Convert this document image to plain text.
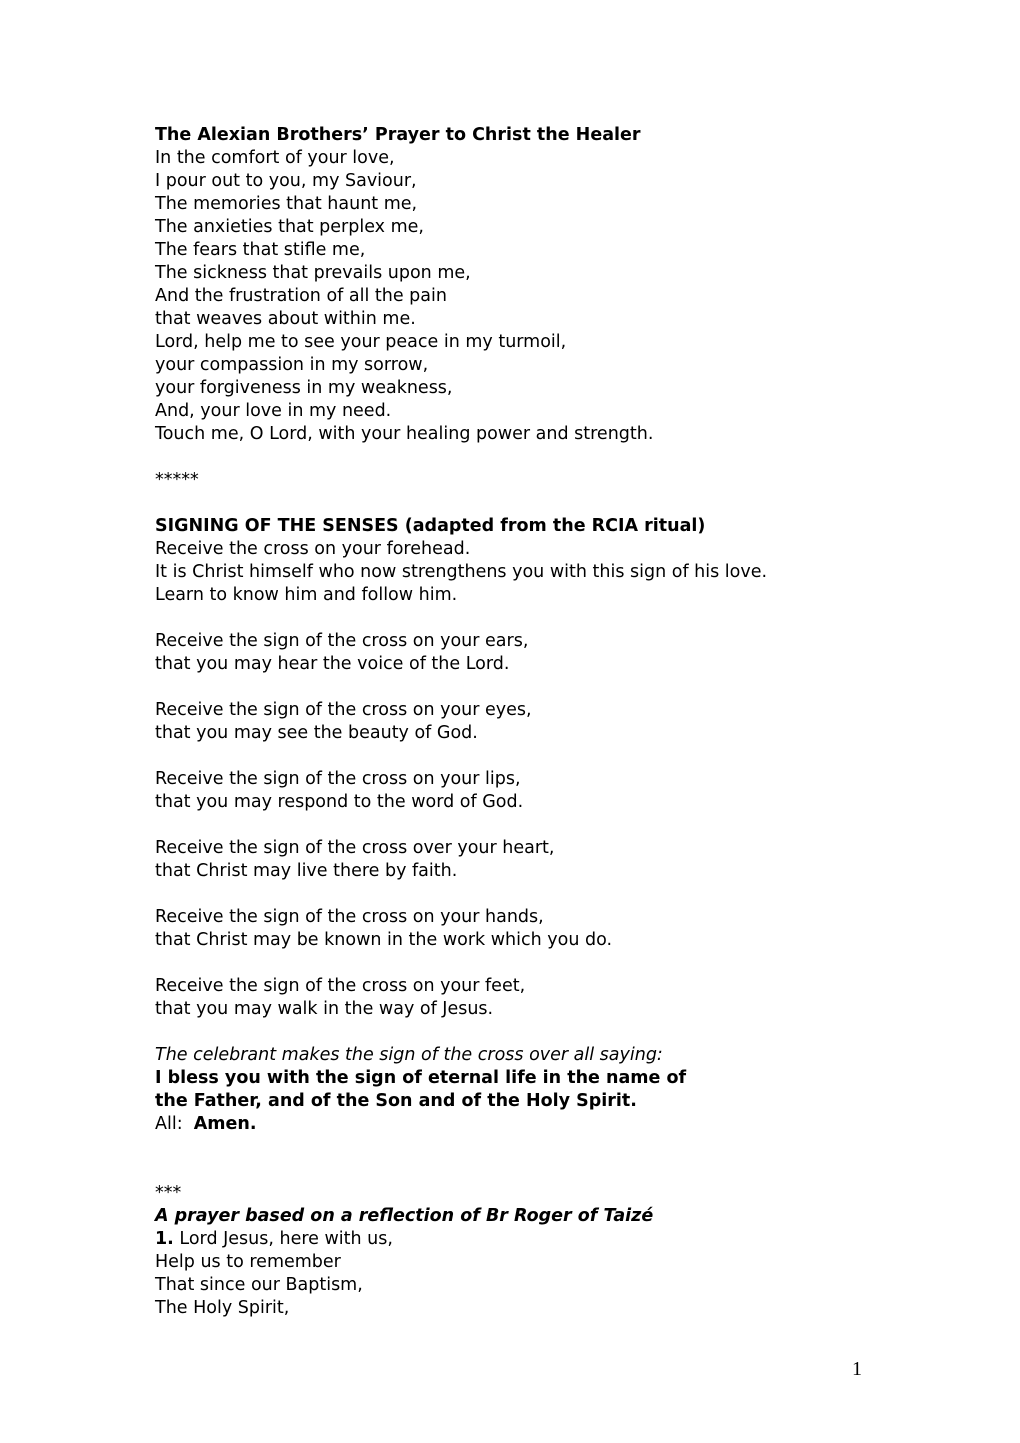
The Alexian Brothers’ Prayer to Christ the Healer
In the comfort of your love,
I pour out to you, my Saviour,
The memories that haunt me,
The anxieties that perplex me,
The fears that stifle me,
The sickness that prevails upon me,
And the frustration of all the pain
that weaves about within me.
Lord, help me to see your peace in my turmoil,
your compassion in my sorrow,
your forgiveness in my weakness,
And, your love in my need.
Touch me, O Lord, with your healing power and strength.
*****
SIGNING OF THE SENSES (adapted from the RCIA ritual)
Receive the cross on your forehead.
It is Christ himself who now strengthens you with this sign of his love.
Learn to know him and follow him.
Receive the sign of the cross on your ears,
that you may hear the voice of the Lord.
Receive the sign of the cross on your eyes,
that you may see the beauty of God.
Receive the sign of the cross on your lips,
that you may respond to the word of God.
Receive the sign of the cross over your heart,
that Christ may live there by faith.
Receive the sign of the cross on your hands,
that Christ may be known in the work which you do.
Receive the sign of the cross on your feet,
that you may walk in the way of Jesus.
The celebrant makes the sign of the cross over all saying:
I bless you with the sign of eternal life in the name of
the Father, and of the Son and of the Holy Spirit.
All: Amen.
***
A prayer based on a reflection of Br Roger of Taizé
1. Lord Jesus, here with us,
Help us to remember
That since our Baptism,
The Holy Spirit,
1
